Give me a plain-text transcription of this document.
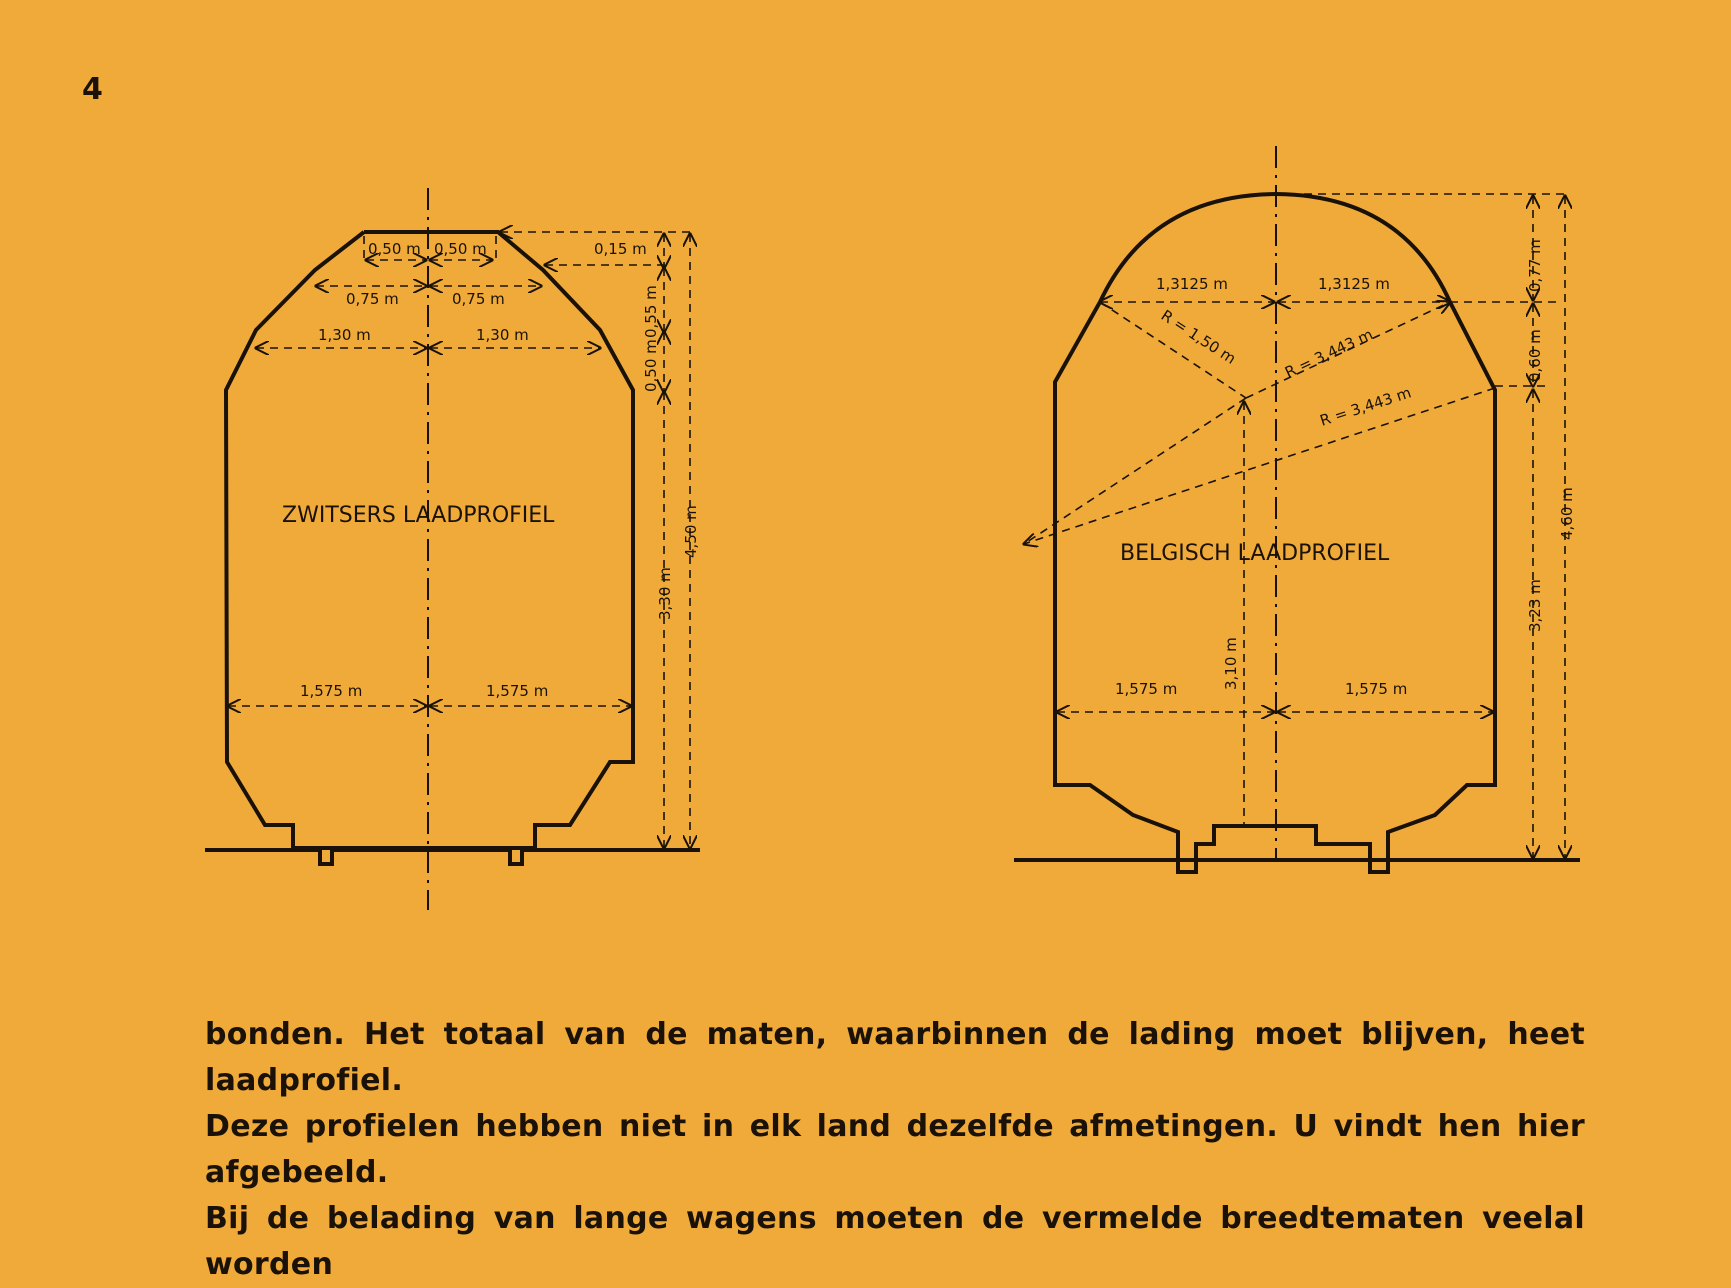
4
0,50 m 0,50 m
0,75 m	0,75 m
1,30 m	1,30 m
1,575 m	1,575 m
0,15 m
0,55 m
0,50 m
3,30 m
4,50 m
ZWITSERS LAADPROFIEL
1,3125 m	1,3125 m
R = 1,50 m	R = 3,443 m
R = 3,443 m
1,575 m	1,575 m
3,10 m
0,77 m
0,60 m
3,23 m
4,60 m
BELGISCH LAADPROFIEL
bonden. Het totaal van de maten, waarbinnen de lading moet blijven, heet laadprofiel.
Deze profielen hebben niet in elk land dezelfde afmetingen. U vindt hen hier afgebeeld.
Bij de belading van lange wagens moeten de vermelde breedtematen veelal worden
